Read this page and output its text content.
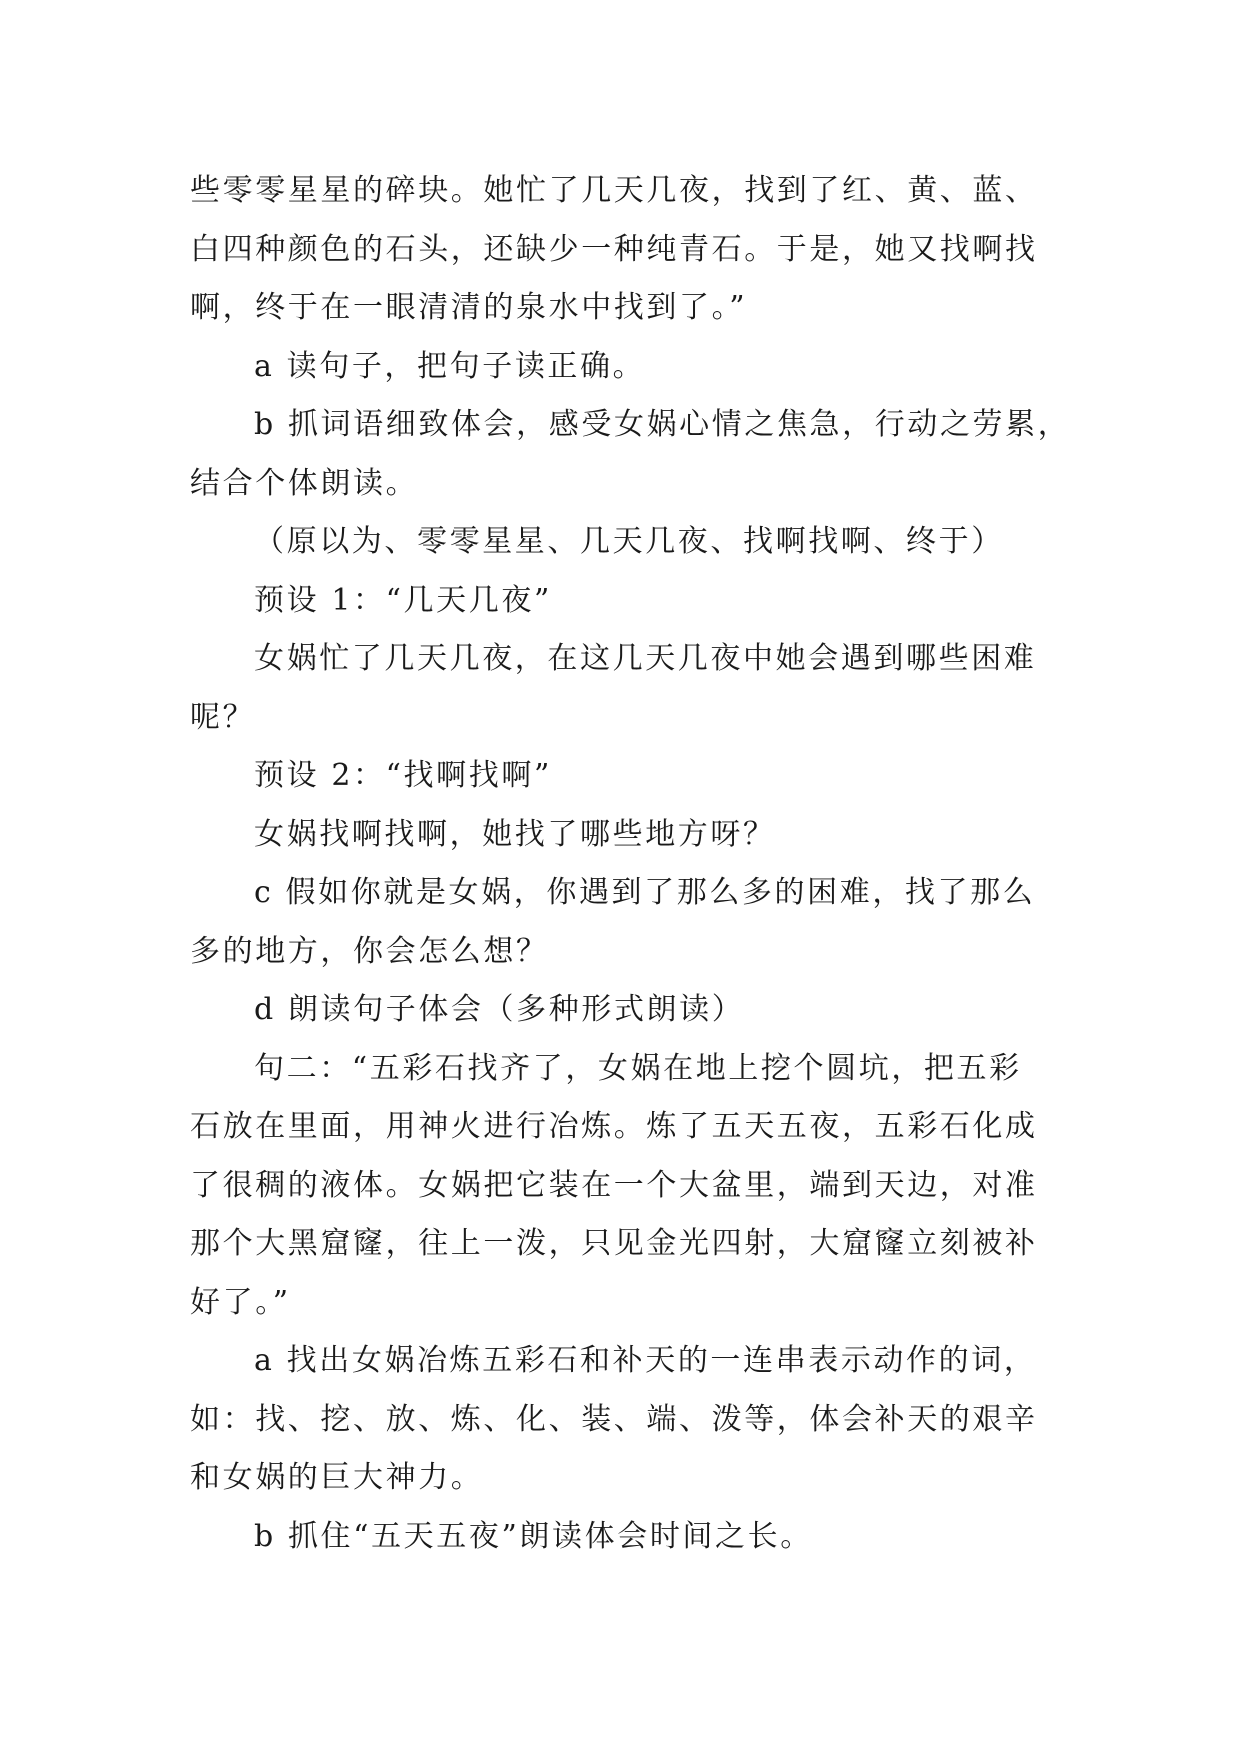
些零零星星的碎块。她忙了几天几夜，找到了红、黄、蓝、
白四种颜色的石头，还缺少一种纯青石。于是，她又找啊找
啊，终于在一眼清清的泉水中找到了。”

a 读句子，把句子读正确。

b 抓词语细致体会，感受女娲心情之焦急，行动之劳累，
结合个体朗读。

（原以为、零零星星、几天几夜、找啊找啊、终于）

预设 1：“几天几夜”

女娲忙了几天几夜，在这几天几夜中她会遇到哪些困难
呢？

预设 2：“找啊找啊”

女娲找啊找啊，她找了哪些地方呀？

c 假如你就是女娲，你遇到了那么多的困难，找了那么
多的地方，你会怎么想？

d 朗读句子体会（多种形式朗读）

句二：“五彩石找齐了，女娲在地上挖个圆坑，把五彩
石放在里面，用神火进行冶炼。炼了五天五夜，五彩石化成
了很稠的液体。女娲把它装在一个大盆里，端到天边，对准
那个大黑窟窿，往上一泼，只见金光四射，大窟窿立刻被补
好了。”

a 找出女娲冶炼五彩石和补天的一连串表示动作的词，
如：找、挖、放、炼、化、装、端、泼等，体会补天的艰辛
和女娲的巨大神力。

b 抓住“五天五夜”朗读体会时间之长。
